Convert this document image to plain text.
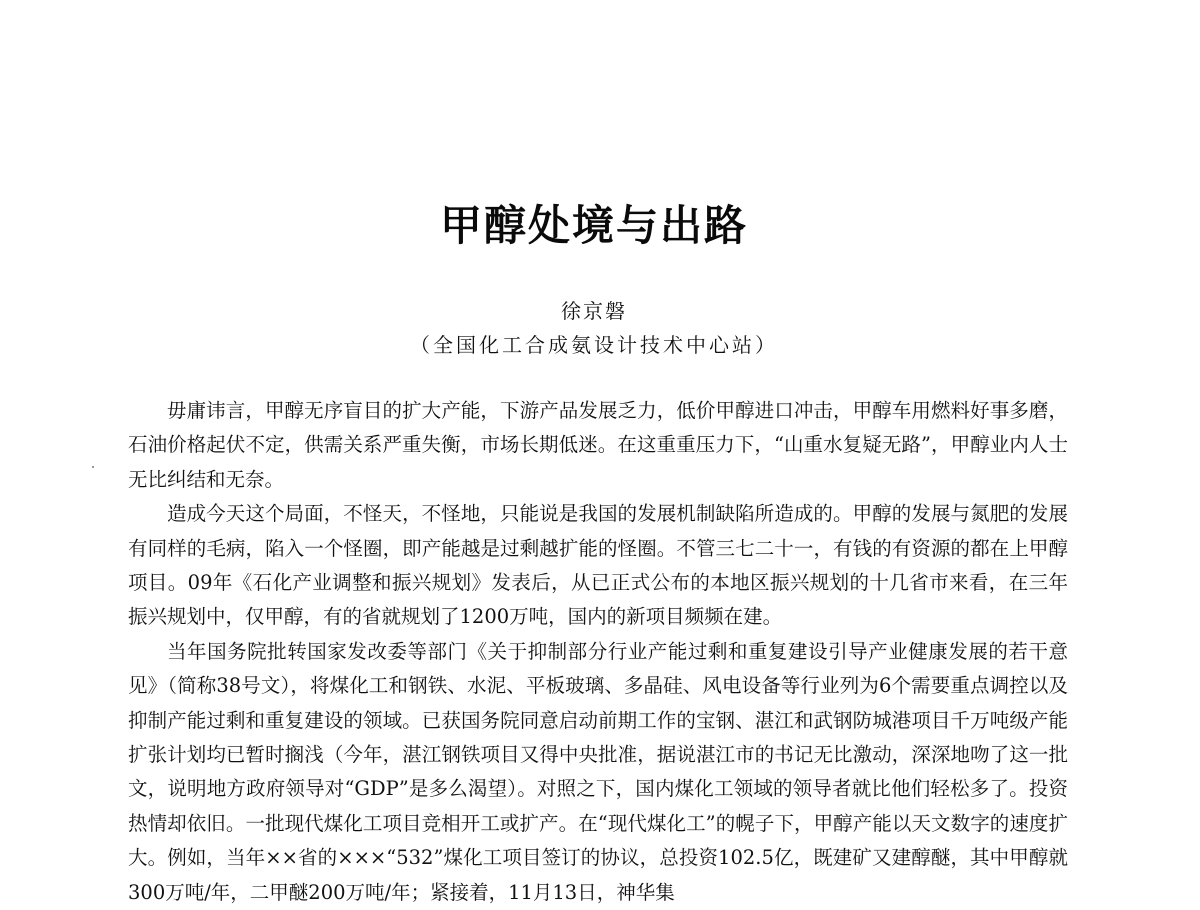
甲醇处境与出路
徐京磐
（全国化工合成氨设计技术中心站）

毋庸讳言，甲醇无序盲目的扩大产能，下游产品发展乏力，低价甲醇进口冲击，甲醇车用燃料好事多磨，石油价格起伏不定，供需关系严重失衡，市场长期低迷。在这重重压力下，“山重水复疑无路”，甲醇业内人士无比纠结和无奈。

造成今天这个局面，不怪天，不怪地，只能说是我国的发展机制缺陷所造成的。甲醇的发展与氮肥的发展有同样的毛病，陷入一个怪圈，即产能越是过剩越扩能的怪圈。不管三七二十一，有钱的有资源的都在上甲醇项目。09年《石化产业调整和振兴规划》发表后，从已正式公布的本地区振兴规划的十几省市来看，在三年振兴规划中，仅甲醇，有的省就规划了1200万吨，国内的新项目频频在建。

当年国务院批转国家发改委等部门《关于抑制部分行业产能过剩和重复建设引导产业健康发展的若干意见》（简称38号文），将煤化工和钢铁、水泥、平板玻璃、多晶硅、风电设备等行业列为6个需要重点调控以及抑制产能过剩和重复建设的领域。已获国务院同意启动前期工作的宝钢、湛江和武钢防城港项目千万吨级产能扩张计划均已暂时搁浅（今年，湛江钢铁项目又得中央批准，据说湛江市的书记无比激动，深深地吻了这一批文，说明地方政府领导对“GDP”是多么渴望）。对照之下，国内煤化工领域的领导者就比他们轻松多了。投资热情却依旧。一批现代煤化工项目竞相开工或扩产。在“现代煤化工”的幌子下，甲醇产能以天文数字的速度扩大。例如，当年××省的×××“532”煤化工项目签订的协议，总投资102.5亿，既建矿又建醇醚，其中甲醇就300万吨/年，二甲醚200万吨/年；紧接着，11月13日，神华集
